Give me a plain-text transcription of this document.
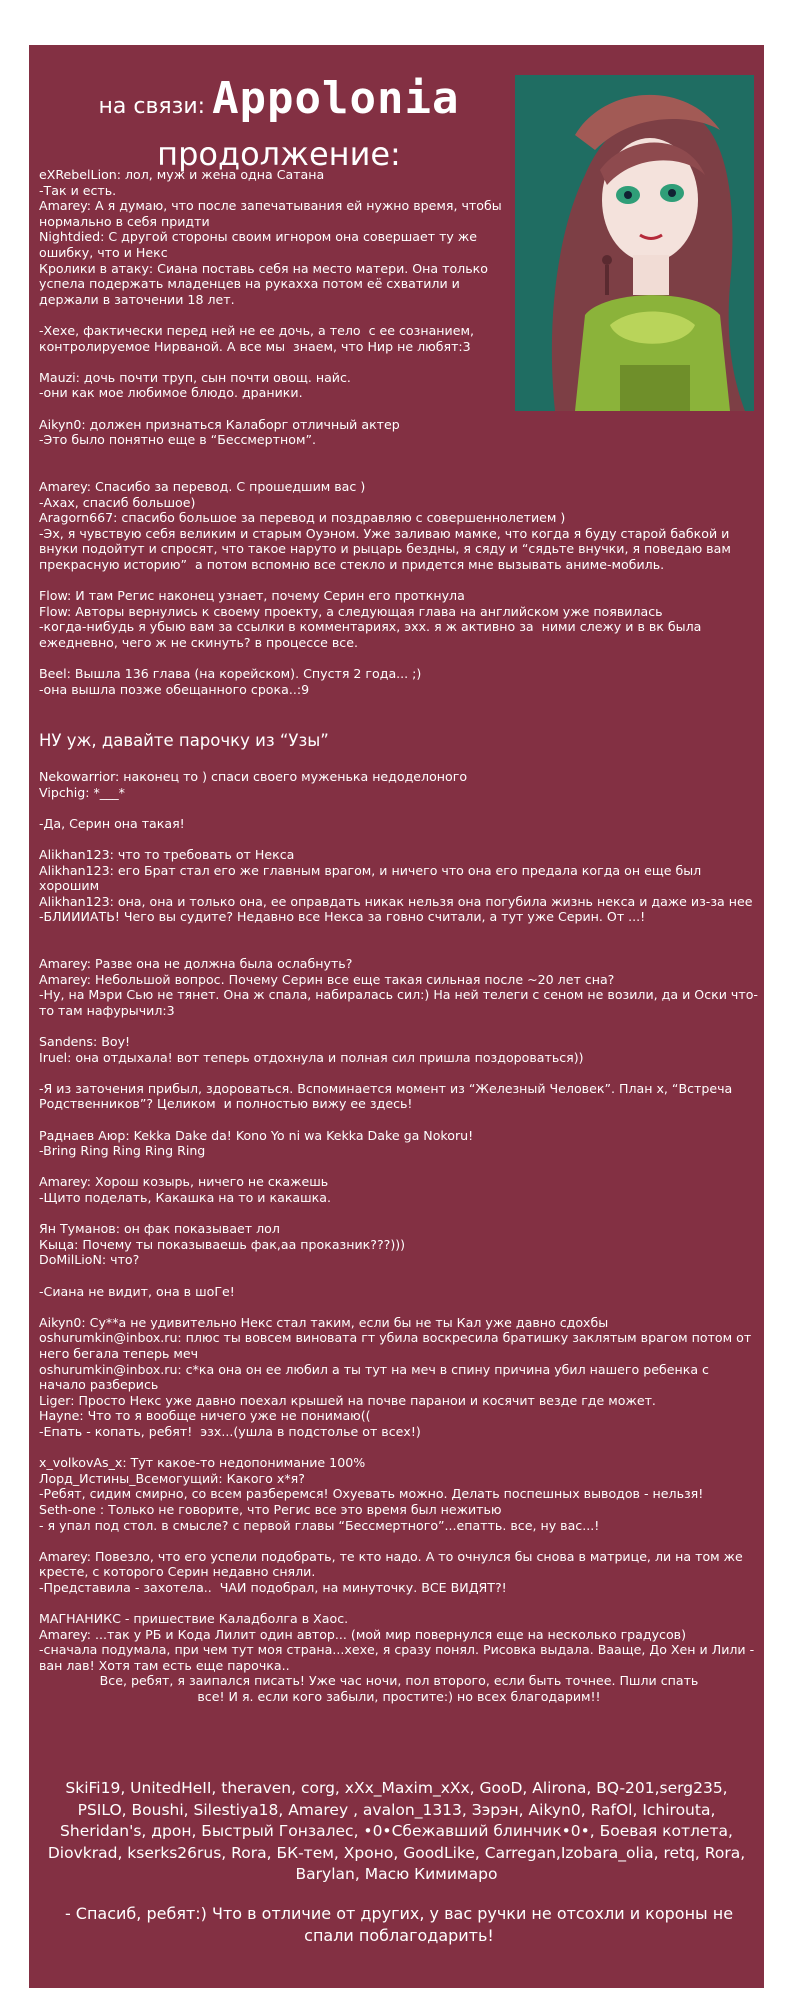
на связи: Appolonia
продолжение:
eXRebelLion: лол, муж и жена одна Сатана
-Так и есть.
Amarey: А я думаю, что после запечатывания ей нужно время, чтобы нормально в себя придти
Nightdied: С другой стороны своим игнором она совершает ту же ошибку, что и Некс
Кролики в атаку: Сиана поставь себя на место матери. Она только успела подержать младенцев на рукахха потом её схватили и держали в заточении 18 лет.

-Хехе, фактически перед ней не ее дочь, а тело  с ее сознанием, контролируемое Нирваной. А все мы  знаем, что Нир не любят:3

Mauzi: дочь почти труп, сын почти овощ. найс.
-они как мое любимое блюдо. драники.

Aikyn0: должен признаться Калаборг отличный актер
-Это было понятно еще в “Бессмертном”.
Amarey: Спасибо за перевод. С прошедшим вас )
-Ахах, спасиб большое)
Aragorn667: спасибо большое за перевод и поздравляю с совершеннолетием )
-Эх, я чувствую себя великим и старым Оуэном. Уже заливаю мамке, что когда я буду старой бабкой и внуки подойтут и спросят, что такое наруто и рыцарь бездны, я сяду и “сядьте внучки, я поведаю вам прекрасную историю”  а потом вспомню все стекло и придется мне вызывать аниме-мобиль.

Flow: И там Регис наконец узнает, почему Серин его проткнула
Flow: Авторы вернулись к своему проекту, а следующая глава на английском уже появилась
-когда-нибудь я убыю вам за ссылки в комментариях, эхх. я ж активно за  ними слежу и в вк была ежедневно, чего ж не скинуть? в процессе все.

Beel: Вышла 136 глава (на корейском). Спустя 2 года... ;)
-она вышла позже обещанного срока..:9
НУ уж, давайте парочку из “Узы”
Nekowarrior: наконец то ) спаси своего муженька недоделоного
Vipchig: *___*

-Да, Серин она такая!

Alikhan123: что то требовать от Некса
Alikhan123: его Брат стал его же главным врагом, и ничего что она его предала когда он еще был хорошим
Alikhan123: она, она и только она, ее оправдать никак нельзя она погубила жизнь некса и даже из-за нее
-БЛИИИАТЬ! Чего вы судите? Недавно все Некса за говно считали, а тут уже Серин. От ...!

Amarey: Разве она не должна была ослабнуть?
Amarey: Небольшой вопрос. Почему Серин все еще такая сильная после ~20 лет сна?
-Ну, на Мэри Сью не тянет. Она ж спала, набиралась сил:) На ней телеги с сеном не возили, да и Оски что-то там нафурычил:3

Sandens: Boy!
Iruel: она отдыхала! вот теперь отдохнула и полная сил пришла поздороваться))

-Я из заточения прибыл, здороваться. Вспоминается момент из “Железный Человек”. План х, “Встреча Родственников”? Целиком  и полностью вижу ее здесь!

Раднаев Аюр: Kekka Dake da! Kono Yo ni wa Kekka Dake ga Nokoru!
-Bring Ring Ring Ring Ring

Amarey: Хорош козырь, ничего не скажешь
-Щито поделать, Какашка на то и какашка.

Ян Туманов: он фак показывает лол
Кыца: Почему ты показываешь фак,аа проказник???)))
DoMilLioN: что?

-Сиана не видит, она в шоГе!

Aikyn0: Су**а не удивительно Некс стал таким, если бы не ты Кал уже давно сдохбы
oshurumkin@inbox.ru: плюс ты вовсем виновата гт убила воскресила братишку заклятым врагом потом от него бегала теперь меч
oshurumkin@inbox.ru: с*ка она он ее любил а ты тут на меч в спину причина убил нашего ребенка с начало разберись
Liger: Просто Некс уже давно поехал крышей на почве паранои и косячит везде где может.
Hayne: Что то я вообще ничего уже не понимаю((
-Епать - копать, ребят!  эзх...(ушла в подстолье от всех!)

x_volkovAs_x: Тут какое-то недопонимание 100%
Лорд_Истины_Всемогущий: Какого х*я?
-Ребят, сидим смирно, со всем разберемся! Охуевать можно. Делать поспешных выводов - нельзя!
Seth-one : Только не говорите, что Регис все это время был нежитью
- я упал под стол. в смысле? с первой главы “Бессмертного”...епатть. все, ну вас...!

Amarey: Повезло, что его успели подобрать, те кто надо. А то очнулся бы снова в матрице, ли на том же кресте, с которого Серин недавно сняли.
-Представила - захотела..  ЧАИ подобрал, на минуточку. ВСЕ ВИДЯТ?!

МАГНАНИКС - пришествие Каладболга в Хаос.
Amarey: ...так у РБ и Кода Лилит один автор... (мой мир повернулся еще на несколько градусов)
-сначала подумала, при чем тут моя страна...хехе, я сразу понял. Рисовка выдала. Вааще, До Хен и Лили - ван лав! Хотя там есть еще парочка..

Все, ребят, я заипался писать! Уже час ночи, пол второго, если быть точнее. Пшли спать все! И я. если кого забыли, простите:) но всех благодарим!!
SkiFi19, UnitedHeII, theraven, corg, xXx_Maxim_xXx, GooD, Alirona, BQ-201,serg235, PSILO, Boushi, Silestiya18, Amarey , avalon_1313, Зэрэн, Aikyn0, RafOl, Ichirouta, Sheridan's, дрон, Быстрый Гонзалес, •0•Сбежавший блинчик•0•, Боевая котлета, Diovkrad, kserks26rus, Rora, БК-тем, Хроно, GoodLike, Carregan,Izobara_olia, retq, Rora, Barylan, Масю Кимимаро
- Спасиб, ребят:) Что в отличие от других, у вас ручки не отсохли и короны не спали поблагодарить!
